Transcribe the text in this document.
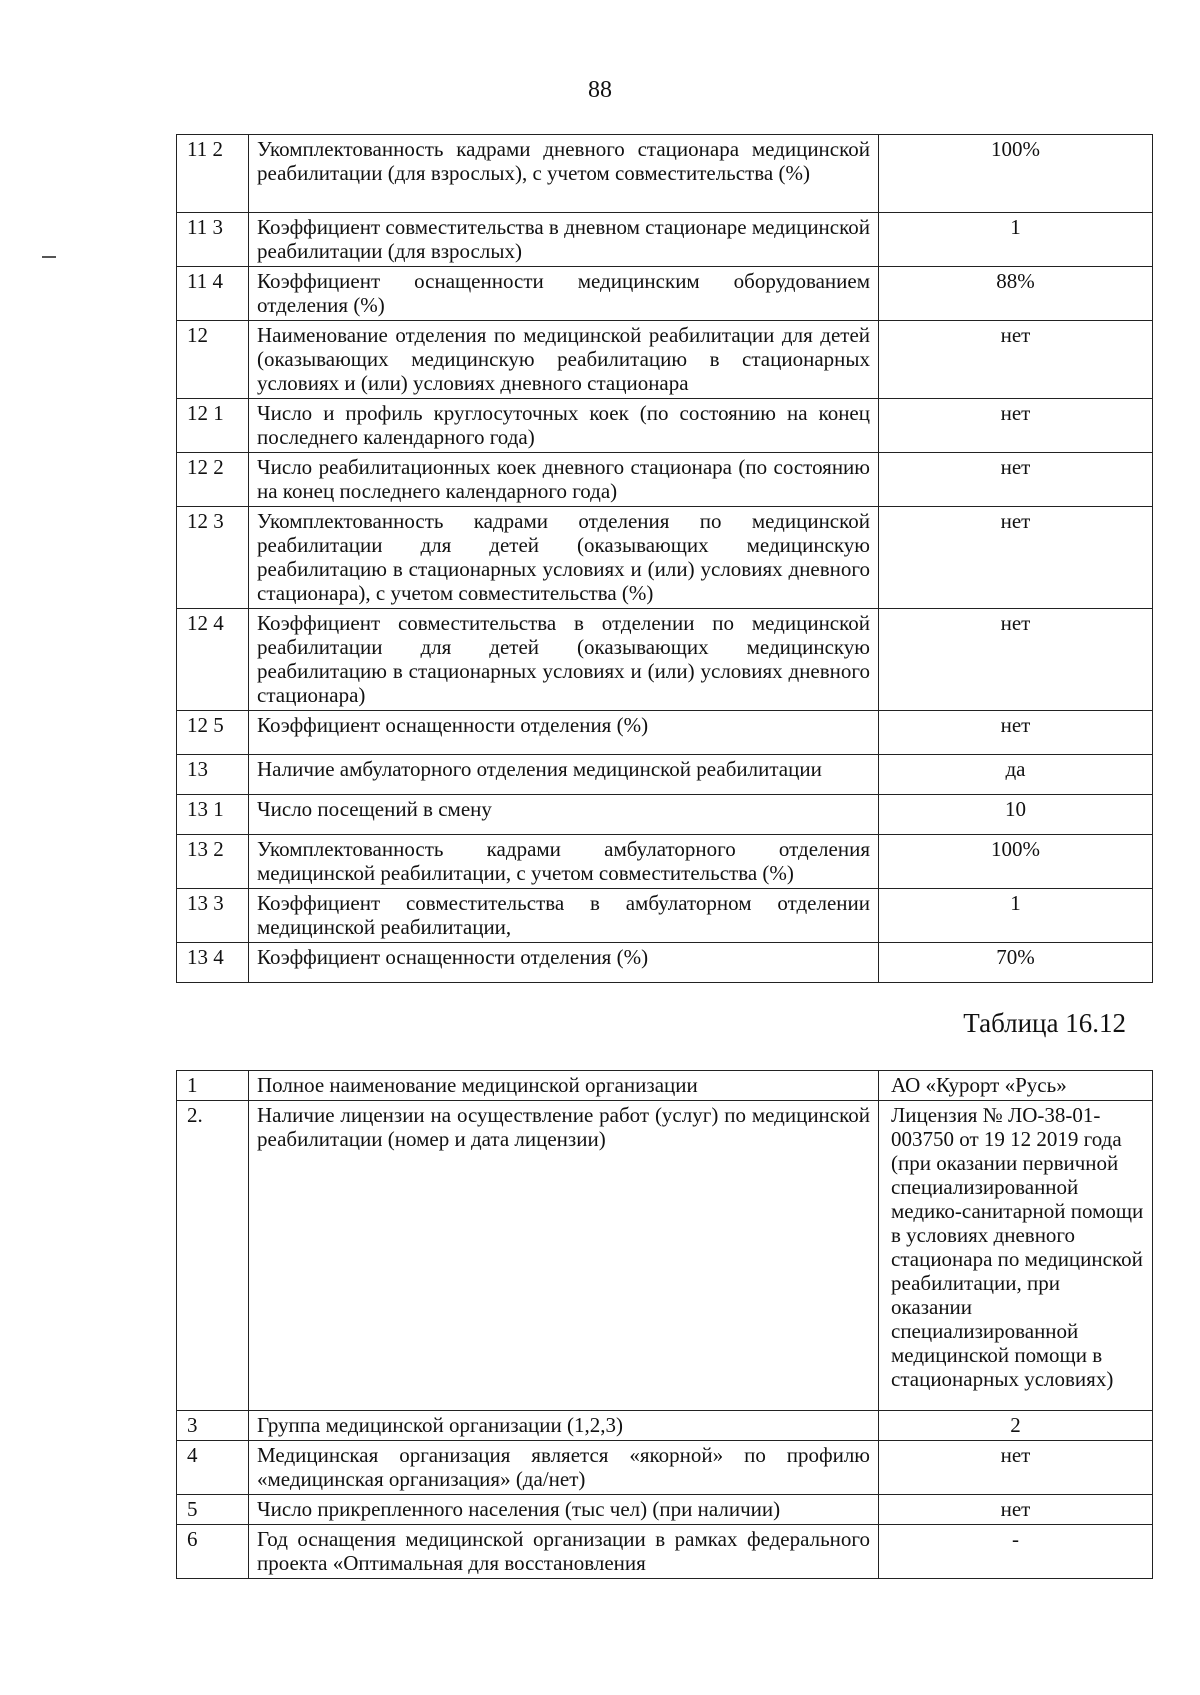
88
11 2	Укомплектованность кадрами дневного стационара медицинской реабилитации (для взрослых), с учетом совместительства (%)	100%
11 3	Коэффициент совместительства в дневном стационаре медицинской реабилитации (для взрослых)	1
11 4	Коэффициент оснащенности медицинским оборудованием отделения (%)	88%
12	Наименование отделения по медицинской реабилитации для детей (оказывающих медицинскую реабилитацию в стационарных условиях и (или) условиях дневного стационара	нет
12 1	Число и профиль круглосуточных коек (по состоянию на конец последнего календарного года)	нет
12 2	Число реабилитационных коек дневного стационара (по состоянию на конец последнего календарного года)	нет
12 3	Укомплектованность кадрами отделения по медицинской реабилитации для детей (оказывающих медицинскую реабилитацию в стационарных условиях и (или) условиях дневного стационара), с учетом совместительства (%)	нет
12 4	Коэффициент совместительства в отделении по медицинской реабилитации для детей (оказывающих медицинскую реабилитацию в стационарных условиях и (или) условиях дневного стационара)	нет
12 5	Коэффициент оснащенности отделения (%)	нет
13	Наличие амбулаторного отделения медицинской реабилитации	да
13 1	Число посещений в смену	10
13 2	Укомплектованность кадрами амбулаторного отделения медицинской реабилитации, с учетом совместительства (%)	100%
13 3	Коэффициент совместительства в амбулаторном отделении медицинской реабилитации,	1
13 4	Коэффициент оснащенности отделения (%)	70%
Таблица 16.12
1	Полное наименование медицинской организации	АО «Курорт «Русь»
2.	Наличие лицензии на осуществление работ (услуг) по медицинской реабилитации (номер и дата лицензии)	Лицензия № ЛО-38-01-003750 от 19 12 2019 года (при оказании первичной специализированной медико-санитарной помощи в условиях дневного стационара по медицинской реабилитации, при оказании специализированной медицинской помощи в стационарных условиях)
3	Группа медицинской организации (1,2,3)	2
4	Медицинская организация является «якорной» по профилю «медицинская организация» (да/нет)	нет
5	Число прикрепленного населения (тыс чел) (при наличии)	нет
6	Год оснащения медицинской организации в рамках федерального проекта «Оптимальная для восстановления	-
